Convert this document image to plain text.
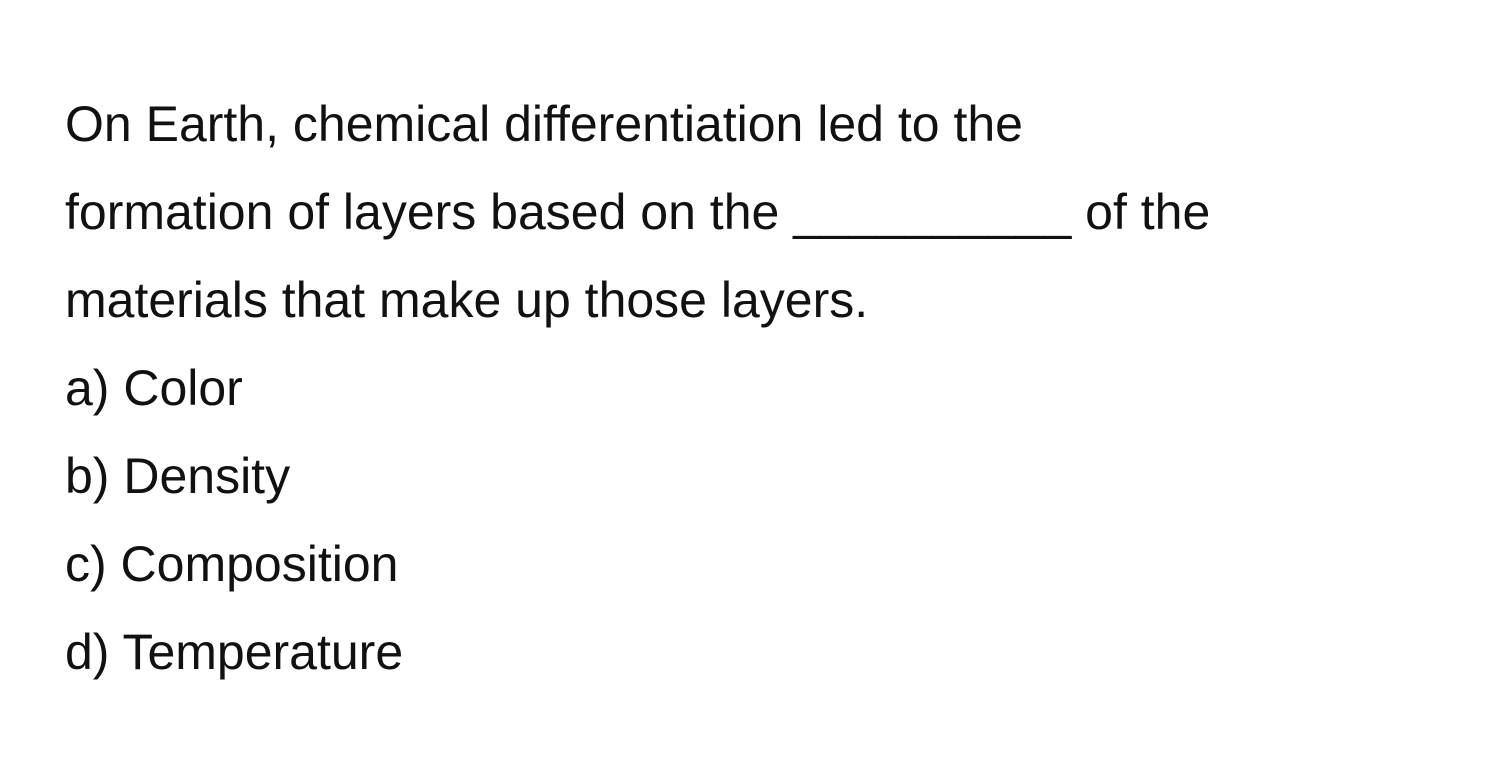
On Earth, chemical differentiation led to the
formation of layers based on the __________ of the
materials that make up those layers.
a) Color
b) Density
c) Composition
d) Temperature
